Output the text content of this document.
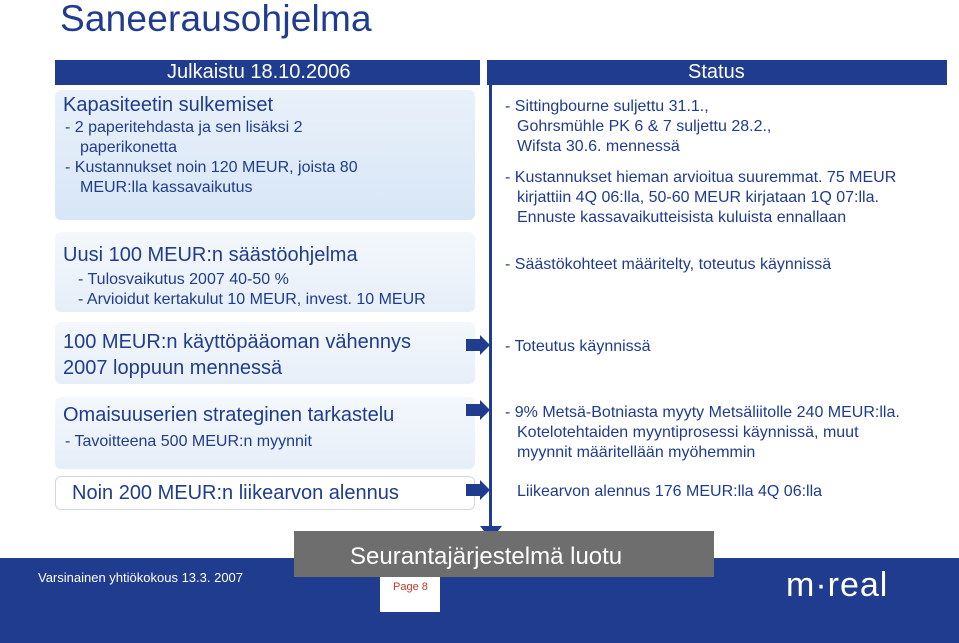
Saneerausohjelma
Julkaistu 18.10.2006	Status
Kapasiteetin sulkemiset
- 2 paperitehdasta ja sen lisäksi 2
paperikonetta
- Kustannukset noin 120 MEUR, joista 80
MEUR:lla kassavaikutus
Uusi 100 MEUR:n säästöohjelma
- Tulosvaikutus 2007 40-50 %
- Arvioidut kertakulut 10 MEUR, invest. 10 MEUR
100 MEUR:n käyttöpääoman vähennys
2007 loppuun mennessä
Omaisuuserien strateginen tarkastelu
- Tavoitteena 500 MEUR:n myynnit
Noin 200 MEUR:n liikearvon alennus
- Sittingbourne suljettu 31.1.,
Gohrsmühle PK 6 & 7 suljettu 28.2.,
Wifsta 30.6. mennessä
- Kustannukset hieman arvioitua suuremmat. 75 MEUR
kirjattiin 4Q 06:lla, 50-60 MEUR kirjataan 1Q 07:lla.
Ennuste kassavaikutteisista kuluista ennallaan
- Säästökohteet määritelty, toteutus käynnissä
- Toteutus käynnissä
- 9% Metsä-Botniasta myyty Metsäliitolle 240 MEUR:lla.
Kotelotehtaiden myyntiprosessi käynnissä, muut
myynnit määritellään myöhemmin
Liikearvon alennus 176 MEUR:lla 4Q 06:lla
Varsinainen yhtiökokous 13.3. 2007
Page 8
Seurantajärjestelmä luotu
m·real
